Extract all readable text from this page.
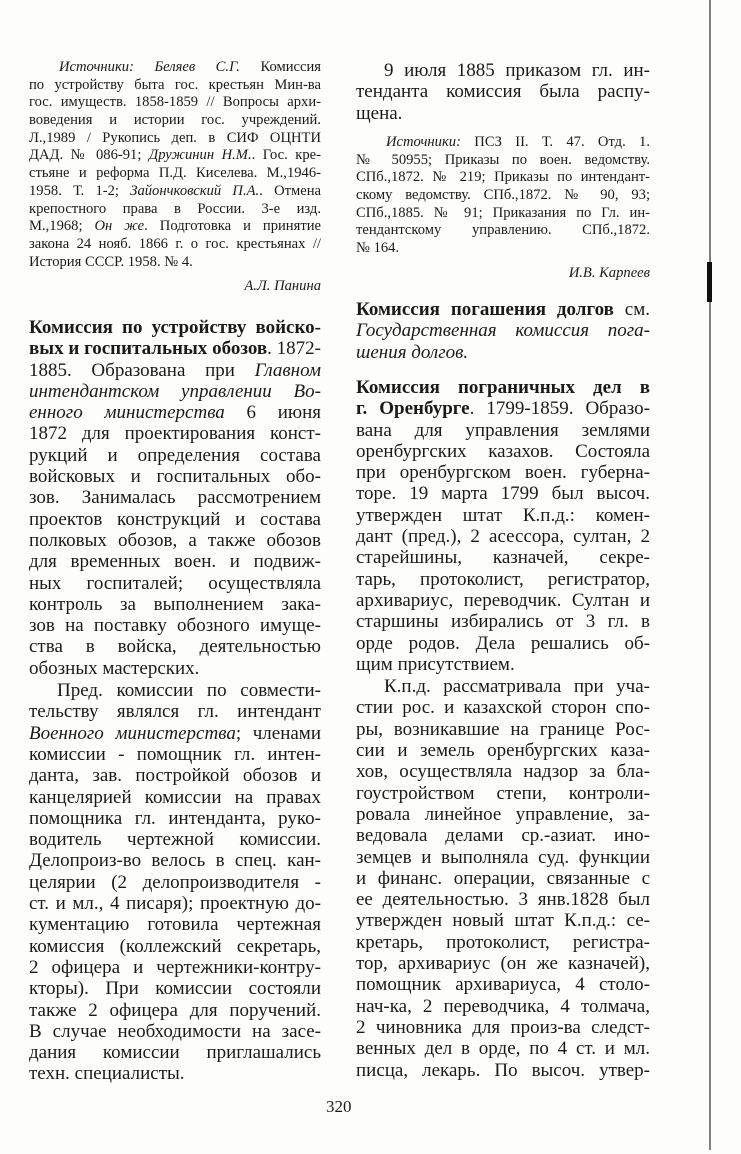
Источники: Беляев С.Г. Комиссия
по устройству быта гос. крестьян Мин-ва
гос. имуществ. 1858-1859 // Вопросы архи-
воведения и истории гос. учреждений.
Л.,1989 / Рукопись деп. в СИФ ОЦНТИ
ДАД. № 086-91; Дружинин Н.М.. Гос. кре-
стьяне и реформа П.Д. Киселева. М.,1946-
1958. Т. 1-2; Зайончковский П.А.. Отмена
крепостного права в России. 3-е изд.
М.,1968; Он же. Подготовка и принятие
закона 24 нояб. 1866 г. о гос. крестьянах //
История СССР. 1958. № 4.
А.Л. Панина
Комиссия по устройству войско-
вых и госпитальных обозов. 1872-
1885. Образована при Главном
интендантском управлении Во-
енного министерства 6 июня
1872 для проектирования конст-
рукций и определения состава
войсковых и госпитальных обо-
зов. Занималась рассмотрением
проектов конструкций и состава
полковых обозов, а также обозов
для временных воен. и подвиж-
ных госпиталей; осуществляла
контроль за выполнением зака-
зов на поставку обозного имуще-
ства в войска, деятельностью
обозных мастерских.
Пред. комиссии по совмести-
тельству являлся гл. интендант
Военного министерства; членами
комиссии - помощник гл. интен-
данта, зав. постройкой обозов и
канцелярией комиссии на правах
помощника гл. интенданта, руко-
водитель чертежной комиссии.
Делопроиз-во велось в спец. кан-
целярии (2 делопроизводителя -
ст. и мл., 4 писаря); проектную до-
кументацию готовила чертежная
комиссия (коллежский секретарь,
2 офицера и чертежники-контру-
кторы). При комиссии состояли
также 2 офицера для поручений.
В случае необходимости на засе-
дания комиссии приглашались
техн. специалисты.
9 июля 1885 приказом гл. ин-
тенданта комиссия была распу-
щена.
Источники: ПСЗ II. Т. 47. Отд. 1.
№ 50955; Приказы по воен. ведомству.
СПб.,1872. № 219; Приказы по интендант-
скому ведомству. СПб.,1872. № 90, 93;
СПб.,1885. № 91; Приказания по Гл. ин-
тендантскому управлению. СПб.,1872.
№ 164.
И.В. Карпеев
Комиссия погашения долгов см.
Государственная комиссия пога-
шения долгов.
Комиссия пограничных дел в
г. Оренбурге. 1799-1859. Образо-
вана для управления землями
оренбургских казахов. Состояла
при оренбургском воен. губерна-
торе. 19 марта 1799 был высоч.
утвержден штат К.п.д.: комен-
дант (пред.), 2 асессора, султан, 2
старейшины, казначей, секре-
тарь, протоколист, регистратор,
архивариус, переводчик. Султан и
старшины избирались от 3 гл. в
орде родов. Дела решались об-
щим присутствием.
К.п.д. рассматривала при уча-
стии рос. и казахской сторон спо-
ры, возникавшие на границе Рос-
сии и земель оренбургских каза-
хов, осуществляла надзор за бла-
гоустройством степи, контроли-
ровала линейное управление, за-
ведовала делами ср.-азиат. ино-
земцев и выполняла суд. функции
и финанс. операции, связанные с
ее деятельностью. 3 янв.1828 был
утвержден новый штат К.п.д.: се-
кретарь, протоколист, регистра-
тор, архивариус (он же казначей),
помощник архивариуса, 4 столо-
нач-ка, 2 переводчика, 4 толмача,
2 чиновника для произ-ва следст-
венных дел в орде, по 4 ст. и мл.
писца, лекарь. По высоч. утвер-
320
